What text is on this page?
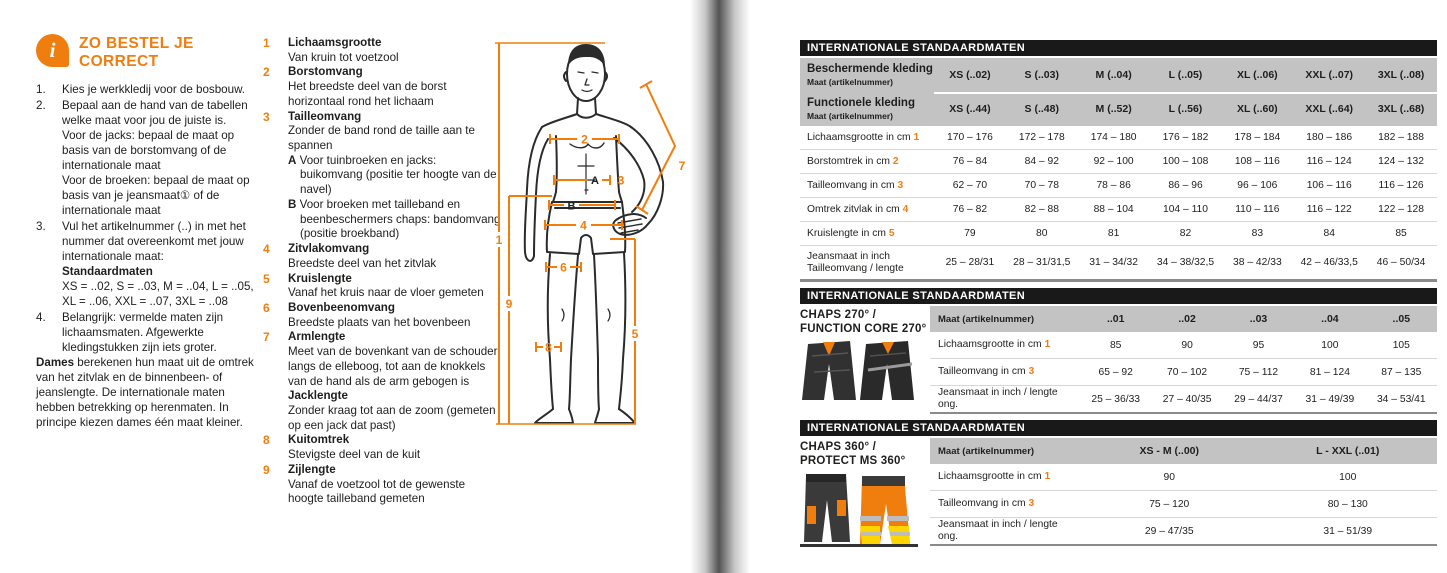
i ZO BESTEL JE
CORRECT
1.	Kies je werkkledij voor de bosbouw.
2.	Bepaal aan de hand van de tabellen welke maat voor jou de juiste is.
Voor de jacks: bepaal de maat op basis van de borstomvang of de internationale maat
Voor de broeken: bepaal de maat op basis van je jeansmaat① of de internationale maat
3.	Vul het artikelnummer (..) in met het nummer dat overeenkomt met jouw internationale maat:
Standaardmaten
XS = ..02, S = ..03, M = ..04, L = ..05, XL = ..06, XXL = ..07, 3XL = ..08
4.	Belangrijk: vermelde maten zijn lichaamsmaten. Afgewerkte kledingstukken zijn iets groter.
Dames berekenen hun maat uit de omtrek van het zitvlak en de binnenbeen- of jeanslengte. De internationale maten hebben betrekking op herenmaten. In principe kiezen dames één maat kleiner.
1	Lichaamsgrootte
Van kruin tot voetzool
2	Borstomvang
Het breedste deel van de borst horizontaal rond het lichaam
3	Tailleomvang
Zonder de band rond de taille aan te spannen
A Voor tuinbroeken en jacks: buikomvang (positie ter hoogte van de navel)
B Voor broeken met tailleband en beenbeschermers chaps: bandomvang (positie broekband)
4	Zitvlakomvang
Breedste deel van het zitvlak
5	Kruislengte
Vanaf het kruis naar de vloer gemeten
6	Bovenbeenomvang
Breedste plaats van het bovenbeen
7	Armlengte
Meet van de bovenkant van de schouder, langs de elleboog, tot aan de knokkels van de hand als de arm gebogen is
Jacklengte
Zonder kraag tot aan de zoom (gemeten op een jack dat past)
8	Kuitomtrek
Stevigste deel van de kuit
9	Zijlengte
Vanaf de voetzool tot de gewenste hoogte tailleband gemeten
1
2
3
4
5
6
7
8
9
A
B
INTERNATIONALE STANDAARDMATEN
Beschermende kleding
Maat (artikelnummer)
XS (..02)	S (..03)	M (..04)	L (..05)	XL (..06)	XXL (..07)	3XL (..08)
Functionele kleding
Maat (artikelnummer)
XS (..44)	S (..48)	M (..52)	L (..56)	XL (..60)	XXL (..64)	3XL (..68)
Lichaamsgrootte in cm 1	170 – 176	172 – 178	174 – 180	176 – 182	178 – 184	180 – 186	182 – 188
Borstomtrek in cm 2	76 – 84	84 – 92	92 – 100	100 – 108	108 – 116	116 – 124	124 – 132
Tailleomvang in cm 3	62 – 70	70 – 78	78 – 86	86 – 96	96 – 106	106 – 116	116 – 126
Omtrek zitvlak in cm 4	76 – 82	82 – 88	88 – 104	104 – 110	110 – 116	116 – 122	122 – 128
Kruislengte in cm 5	79	80	81	82	83	84	85
Jeansmaat in inch
Tailleomvang / lengte	25 – 28/31	28 – 31/31,5	31 – 34/32	34 – 38/32,5	38 – 42/33	42 – 46/33,5	46 – 50/34
INTERNATIONALE STANDAARDMATEN
CHAPS 270° /
FUNCTION CORE 270°
Maat (artikelnummer)	..01	..02	..03	..04	..05
Lichaamsgrootte in cm 1	85	90	95	100	105
Tailleomvang in cm 3	65 – 92	70 – 102	75 – 112	81 – 124	87 – 135
Jeansmaat in inch / lengte ong.	25 – 36/33	27 – 40/35	29 – 44/37	31 – 49/39	34 – 53/41
INTERNATIONALE STANDAARDMATEN
CHAPS 360° /
PROTECT MS 360°
Maat (artikelnummer)	XS - M (..00)	L - XXL (..01)
Lichaamsgrootte in cm 1	90	100
Tailleomvang in cm 3	75 – 120	80 – 130
Jeansmaat in inch / lengte ong.	29 – 47/35	31 – 51/39
